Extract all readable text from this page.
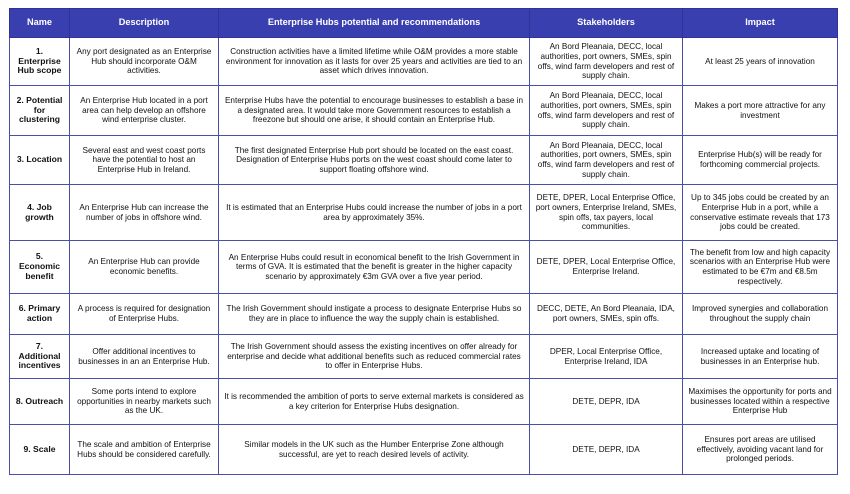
Name	Description	Enterprise Hubs potential and recommendations	Stakeholders	Impact
1. Enterprise Hub scope	Any port designated as an Enterprise Hub should incorporate O&M activities.	Construction activities have a limited lifetime while O&M provides a more stable environment for innovation as it lasts for over 25 years and activities are tied to an asset which drives innovation.	An Bord Pleanaia, DECC, local authorities, port owners, SMEs, spin offs, wind farm developers and rest of supply chain.	At least 25 years of innovation
2. Potential for clustering	An Enterprise Hub located in a port area can help develop an offshore wind enterprise cluster.	Enterprise Hubs have the potential to encourage businesses to establish a base in a designated area. It would take more Government resources to establish a freezone but should one arise, it should contain an Enterprise Hub.	An Bord Pleanaia, DECC, local authorities, port owners, SMEs, spin offs, wind farm developers and rest of supply chain.	Makes a port more attractive for any investment
3. Location	Several east and west coast ports have the potential to host an Enterprise Hub in Ireland.	The first designated Enterprise Hub port should be located on the east coast. Designation of Enterprise Hubs ports on the west coast should come later to support floating offshore wind.	An Bord Pleanaia, DECC, local authorities, port owners, SMEs, spin offs, wind farm developers and rest of supply chain.	Enterprise Hub(s) will be ready for forthcoming commercial projects.
4. Job growth	An Enterprise Hub can increase the number of jobs in offshore wind.	It is estimated that an Enterprise Hubs could increase the number of jobs in a port area by approximately 35%.	DETE, DPER, Local Enterprise Office, port owners, Enterprise Ireland, SMEs, spin offs, tax payers, local communities.	Up to 345 jobs could be created by an Enterprise Hub in a port, while a conservative estimate reveals that 173 jobs could be created.
5. Economic benefit	An Enterprise Hub can provide economic benefits.	An Enterprise Hubs could result in economical benefit to the Irish Government in terms of GVA. It is estimated that the benefit is greater in the higher capacity scenario by approximately €3m GVA over a five year period.	DETE, DPER, Local Enterprise Office, Enterprise Ireland.	The benefit from low and high capacity scenarios with an Enterprise Hub were estimated to be €7m and €8.5m respectively.
6. Primary action	A process is required for designation of Enterprise Hubs.	The Irish Government should instigate a process to designate Enterprise Hubs so they are in place to influence the way the supply chain is established.	DECC, DETE, An Bord Pleanaia, IDA, port owners, SMEs, spin offs.	Improved synergies and collaboration throughout the supply chain
7. Additional incentives	Offer additional incentives to businesses in an an Enterprise Hub.	The Irish Government should assess the existing incentives on offer already for enterprise and decide what additional benefits such as reduced commercial rates to offer in Enterprise Hubs.	DPER, Local Enterprise Office, Enterprise Ireland, IDA	Increased uptake and locating of businesses in an Enterprise hub.
8. Outreach	Some ports intend to explore opportunities in nearby markets such as the UK.	It is recommended the ambition of ports to serve external markets is considered as a key criterion for Enterprise Hubs designation.	DETE, DEPR, IDA	Maximises the opportunity for ports and businesses located within a respective Enterprise Hub
9. Scale	The scale and ambition of Enterprise Hubs should be considered carefully.	Similar models in the UK such as the Humber Enterprise Zone although successful, are yet to reach desired levels of activity.	DETE, DEPR, IDA	Ensures port areas are utilised effectively, avoiding vacant land for prolonged periods.
